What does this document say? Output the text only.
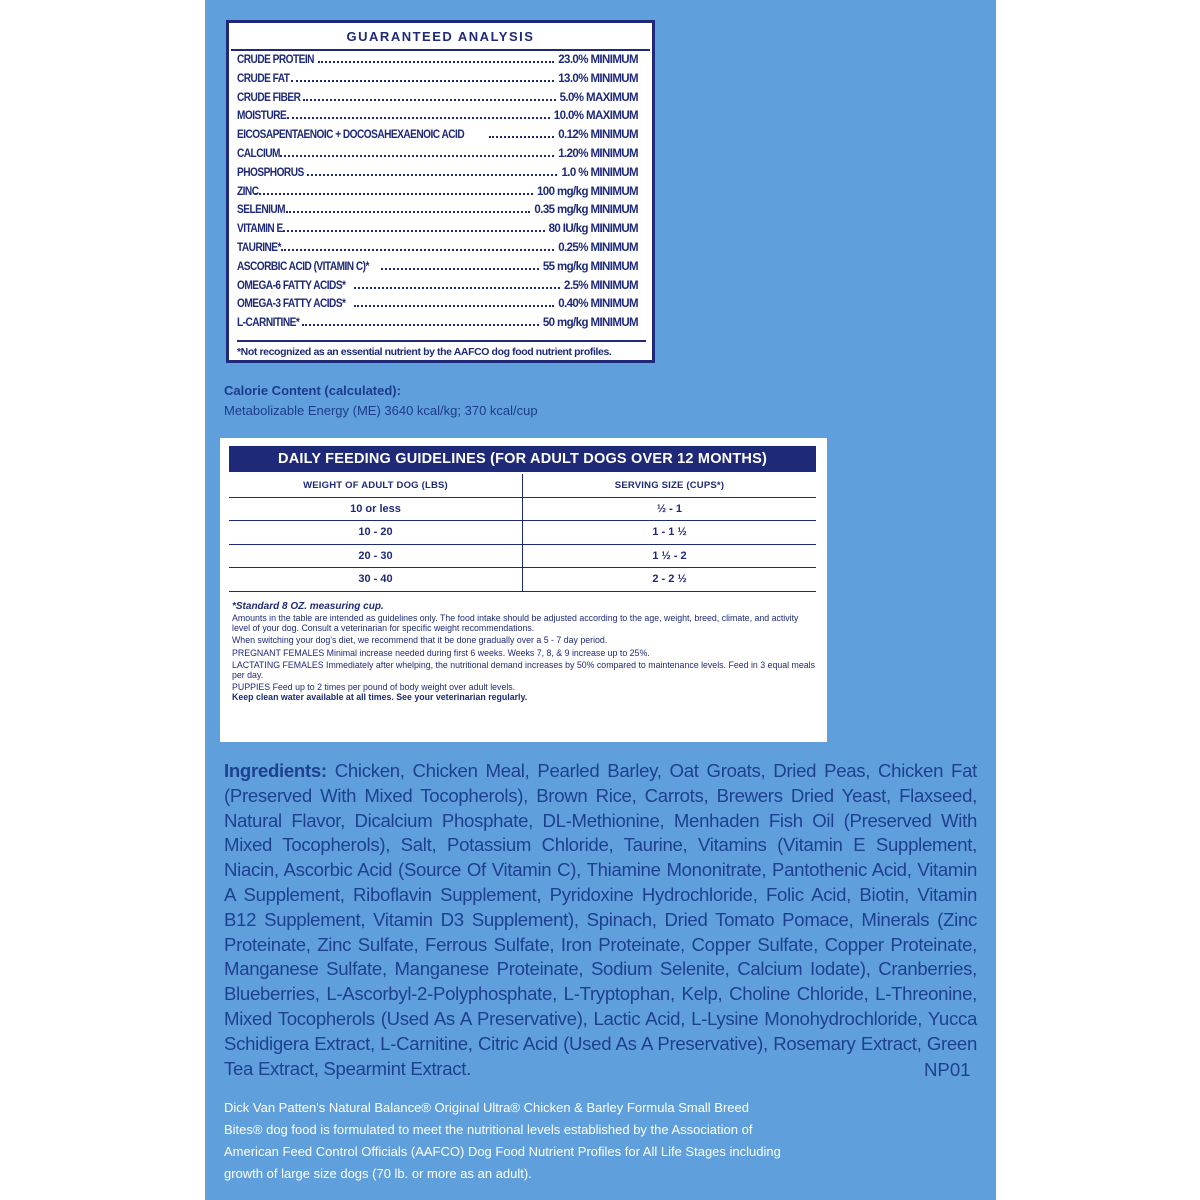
GUARANTEED ANALYSIS
CRUDE PROTEIN	23.0% MINIMUM
CRUDE FAT	13.0% MINIMUM
CRUDE FIBER	5.0% MAXIMUM
MOISTURE	10.0% MAXIMUM
EICOSAPENTAENOIC + DOCOSAHEXAENOIC ACID	0.12% MINIMUM
CALCIUM	1.20% MINIMUM
PHOSPHORUS	1.0 % MINIMUM
ZINC	100 mg/kg MINIMUM
SELENIUM	0.35 mg/kg MINIMUM
VITAMIN E	80 IU/kg MINIMUM
TAURINE*	0.25% MINIMUM
ASCORBIC ACID (VITAMIN C)*	55 mg/kg MINIMUM
OMEGA-6 FATTY ACIDS*	2.5% MINIMUM
OMEGA-3 FATTY ACIDS*	0.40% MINIMUM
L-CARNITINE*	50 mg/kg MINIMUM
*Not recognized as an essential nutrient by the AAFCO dog food nutrient profiles.
Calorie Content (calculated):
Metabolizable Energy (ME) 3640 kcal/kg; 370 kcal/cup
DAILY FEEDING GUIDELINES (FOR ADULT DOGS OVER 12 MONTHS)
WEIGHT OF ADULT DOG (LBS)	SERVING SIZE (CUPS*)
10 or less	½ - 1
10 - 20	1 - 1 ½
20 - 30	1 ½ - 2
30 - 40	2 - 2 ½

*Standard 8 OZ. measuring cup.

Amounts in the table are intended as guidelines only. The food intake should be adjusted according to the age, weight, breed, climate, and activity level of your dog. Consult a veterinarian for specific weight recommendations.

When switching your dog's diet, we recommend that it be done gradually over a 5 - 7 day period.

PREGNANT FEMALES Minimal increase needed during first 6 weeks. Weeks 7, 8, & 9 increase up to 25%.

LACTATING FEMALES Immediately after whelping, the nutritional demand increases by 50% compared to maintenance levels. Feed in 3 equal meals per day.

PUPPIES Feed up to 2 times per pound of body weight over adult levels.

Keep clean water available at all times. See your veterinarian regularly.

Ingredients: Chicken, Chicken Meal, Pearled Barley, Oat Groats, Dried Peas, Chicken Fat (Preserved With Mixed Tocopherols), Brown Rice, Carrots, Brewers Dried Yeast, Flaxseed, Natural Flavor, Dicalcium Phosphate, DL-Methionine, Menhaden Fish Oil (Preserved With Mixed Tocopherols), Salt, Potassium Chloride, Taurine, Vitamins (Vitamin E Supplement, Niacin, Ascorbic Acid (Source Of Vitamin C), Thiamine Mononitrate, Pantothenic Acid, Vitamin A Supplement, Riboflavin Supplement, Pyridoxine Hydrochloride, Folic Acid, Biotin, Vitamin B12 Supplement, Vitamin D3 Supplement), Spinach, Dried Tomato Pomace, Minerals (Zinc Proteinate, Zinc Sulfate, Ferrous Sulfate, Iron Proteinate, Copper Sulfate, Copper Proteinate, Manganese Sulfate, Manganese Proteinate, Sodium Selenite, Calcium Iodate), Cranberries, Blueberries, L-Ascorbyl-2-Polyphosphate, L-Tryptophan, Kelp, Choline Chloride, L-Threonine, Mixed Tocopherols (Used As A Preservative), Lactic Acid, L-Lysine Monohydrochloride, Yucca Schidigera Extract, L-Carnitine, Citric Acid (Used As A Preservative), Rosemary Extract, Green Tea Extract, Spearmint Extract.	NP01
Dick Van Patten's Natural Balance® Original Ultra® Chicken & Barley Formula Small Breed Bites® dog food is formulated to meet the nutritional levels established by the Association of American Feed Control Officials (AAFCO) Dog Food Nutrient Profiles for All Life Stages including growth of large size dogs (70 lb. or more as an adult).
